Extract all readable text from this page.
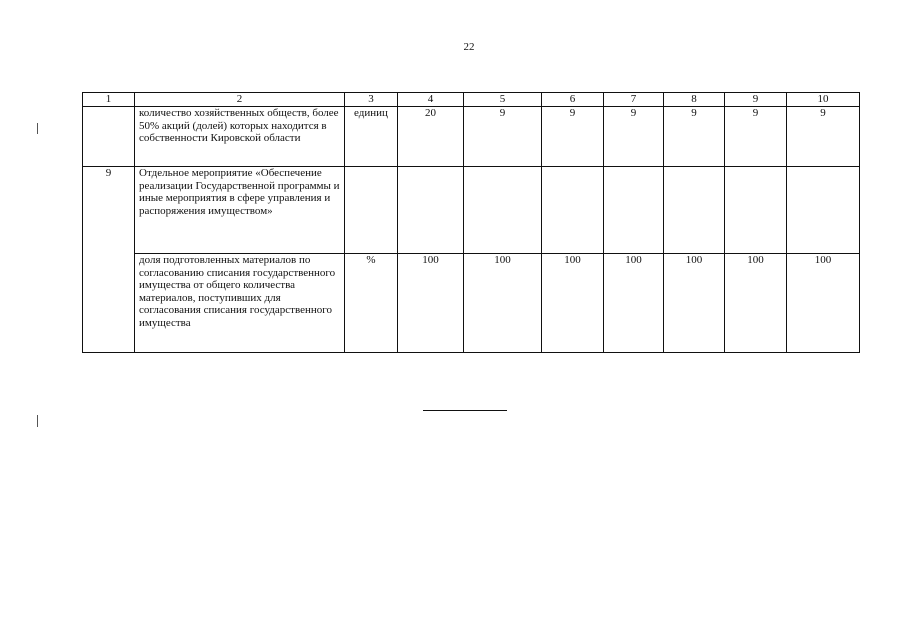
22
1	2	3	4	5	6	7	8	9	10
	количество хозяйственных обществ, более 50% акций (долей) которых находится в собственности Кировской области	единиц	20	9	9	9	9	9	9
9	Отдельное мероприятие «Обеспечение реализации Государственной программы и иные мероприятия в сфере управления и распоряжения имуществом»								
	доля подготовленных материалов по согласованию списания государственного имущества от общего количества материалов, поступивших для согласования списания государственного имущества	%	100	100	100	100	100	100	100
